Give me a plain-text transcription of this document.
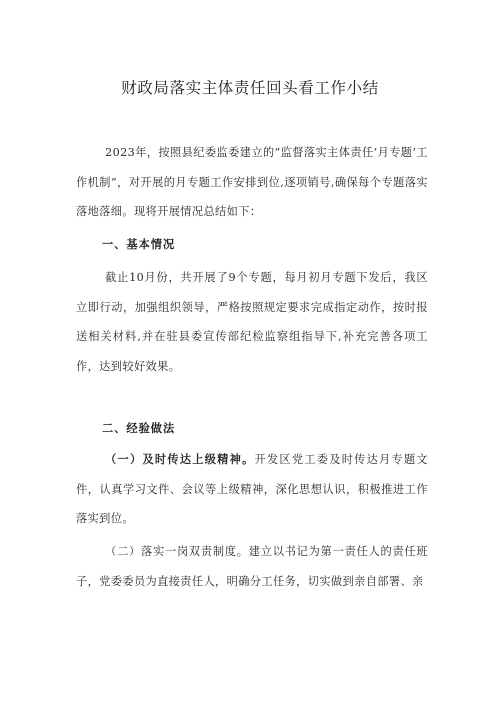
财政局落实主体责任回头看工作小结

2023年，按照县纪委监委建立的“监督落实主体责任’月专题’工作机制”，对开展的月专题工作安排到位,逐项销号,确保每个专题落实落地落细。现将开展情况总结如下：

一、基本情况

截止10月份，共开展了9个专题，每月初月专题下发后，我区立即行动，加强组织领导，严格按照规定要求完成指定动作，按时报送相关材料,并在驻县委宣传部纪检监察组指导下,补充完善各项工作，达到较好效果。

二、经验做法

（一）及时传达上级精神。开发区党工委及时传达月专题文件，认真学习文件、会议等上级精神，深化思想认识，积极推进工作落实到位。

（二）落实一岗双责制度。建立以书记为第一责任人的责任班子，党委委员为直接责任人，明确分工任务，切实做到亲自部署、亲
